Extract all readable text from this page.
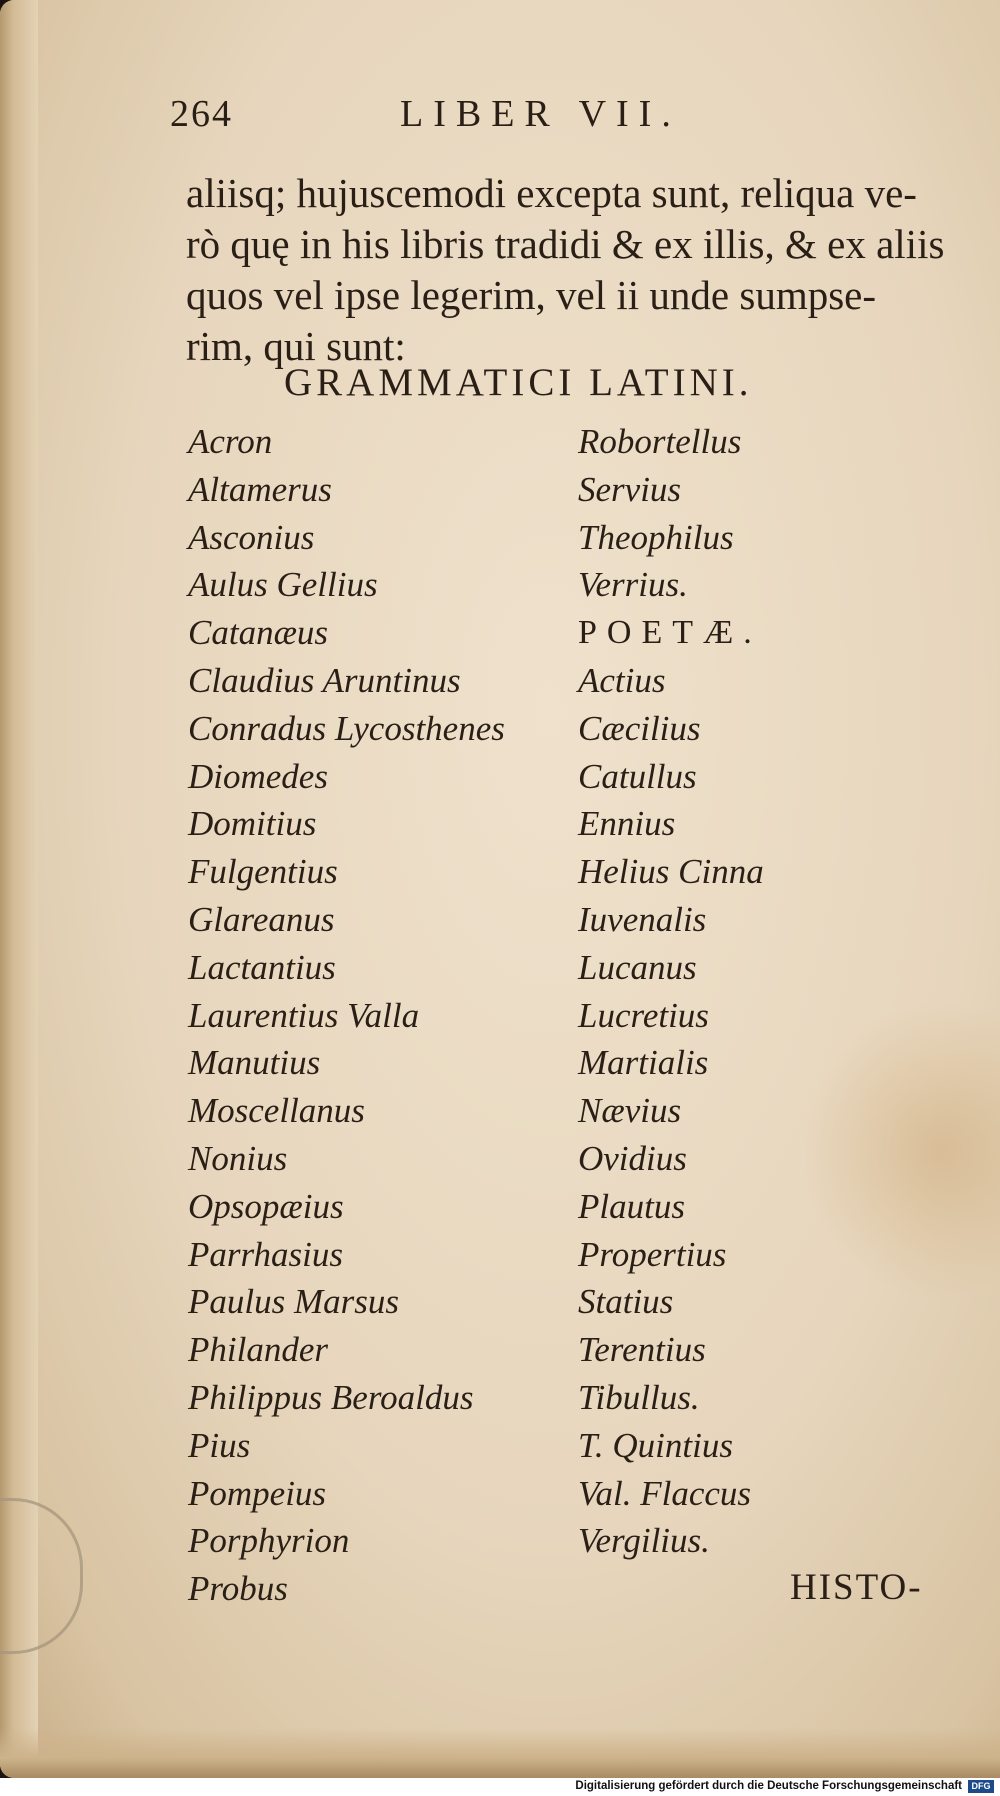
264	LIBER VII.
aliisq; hujuscemodi excepta sunt, reliqua ve-
rò quę in his libris tradidi & ex illis, & ex aliis
quos vel ipse legerim, vel ii unde sumpse-
rim, qui sunt:
GRAMMATICI LATINI.
Acron
Altamerus
Asconius
Aulus Gellius
Catanæus
Claudius Aruntinus
Conradus Lycosthenes
Diomedes
Domitius
Fulgentius
Glareanus
Lactantius
Laurentius Valla
Manutius
Moscellanus
Nonius
Opsopæius
Parrhasius
Paulus Marsus
Philander
Philippus Beroaldus
Pius
Pompeius
Porphyrion
Probus
Robortellus
Servius
Theophilus
Verrius.
POETÆ.
Actius
Cæcilius
Catullus
Ennius
Helius Cinna
Iuvenalis
Lucanus
Lucretius
Martialis
Nævius
Ovidius
Plautus
Propertius
Statius
Terentius
Tibullus.
T. Quintius
Val. Flaccus
Vergilius.
HISTO-
Digitalisierung gefördert durch die Deutsche Forschungsgemeinschaft	DFG
